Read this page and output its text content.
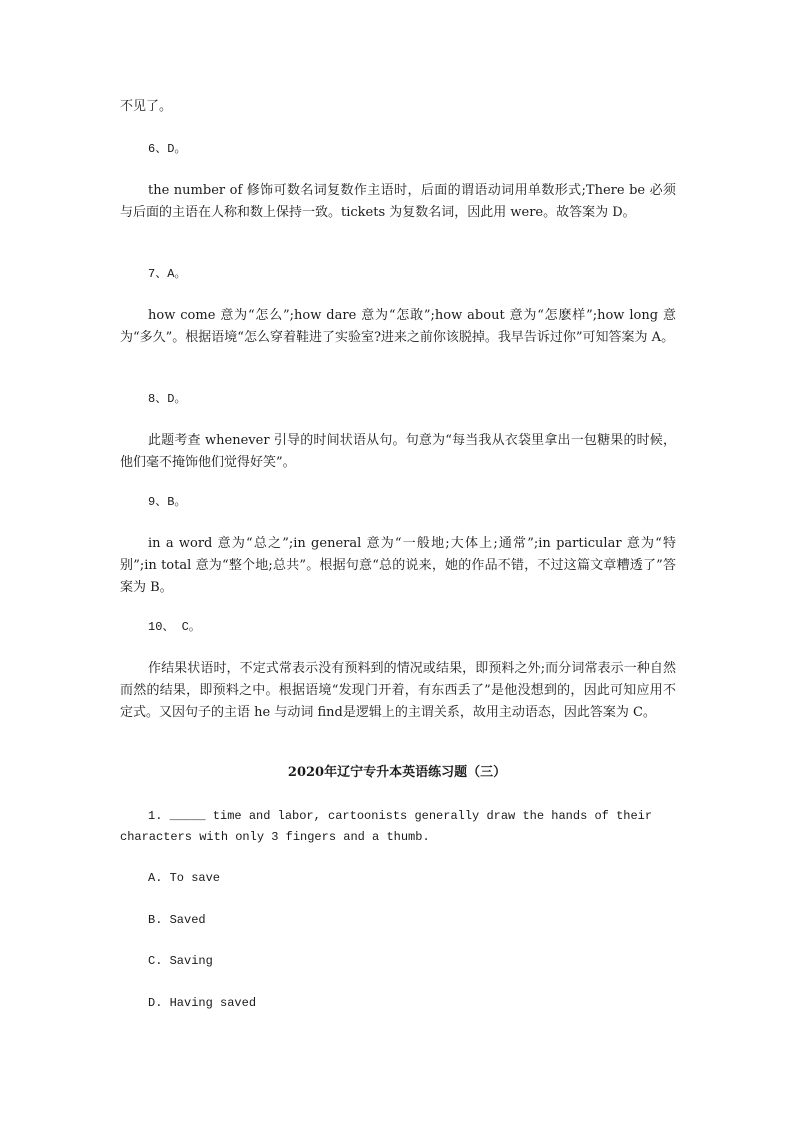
不见了。
6、D。
the number of 修饰可数名词复数作主语时，后面的谓语动词用单数形式;There be 必须与后面的主语在人称和数上保持一致。tickets 为复数名词，因此用 were。故答案为 D。
7、A。
how come 意为“怎么”;how dare 意为“怎敢”;how about 意为“怎麽样”;how long 意为“多久”。根据语境“怎么穿着鞋进了实验室?进来之前你该脱掉。我早告诉过你”可知答案为 A。
8、D。
此题考查 whenever 引导的时间状语从句。句意为“每当我从衣袋里拿出一包糖果的时候，他们毫不掩饰他们觉得好笑”。
9、B。
in a word 意为“总之”;in general 意为“一般地;大体上;通常”;in particular 意为“特别”;in total 意为“整个地;总共”。根据句意“总的说来，她的作品不错，不过这篇文章糟透了”答案为 B。
10、 C。
作结果状语时，不定式常表示没有预料到的情况或结果，即预料之外;而分词常表示一种自然而然的结果，即预料之中。根据语境“发现门开着，有东西丢了”是他没想到的，因此可知应用不定式。又因句子的主语 he 与动词 find是逻辑上的主谓关系，故用主动语态，因此答案为 C。
2020年辽宁专升本英语练习题（三）
1. _____ time and labor, cartoonists generally draw the hands of their
characters with only 3 fingers and a thumb.
A. To save
B. Saved
C. Saving
D. Having saved
